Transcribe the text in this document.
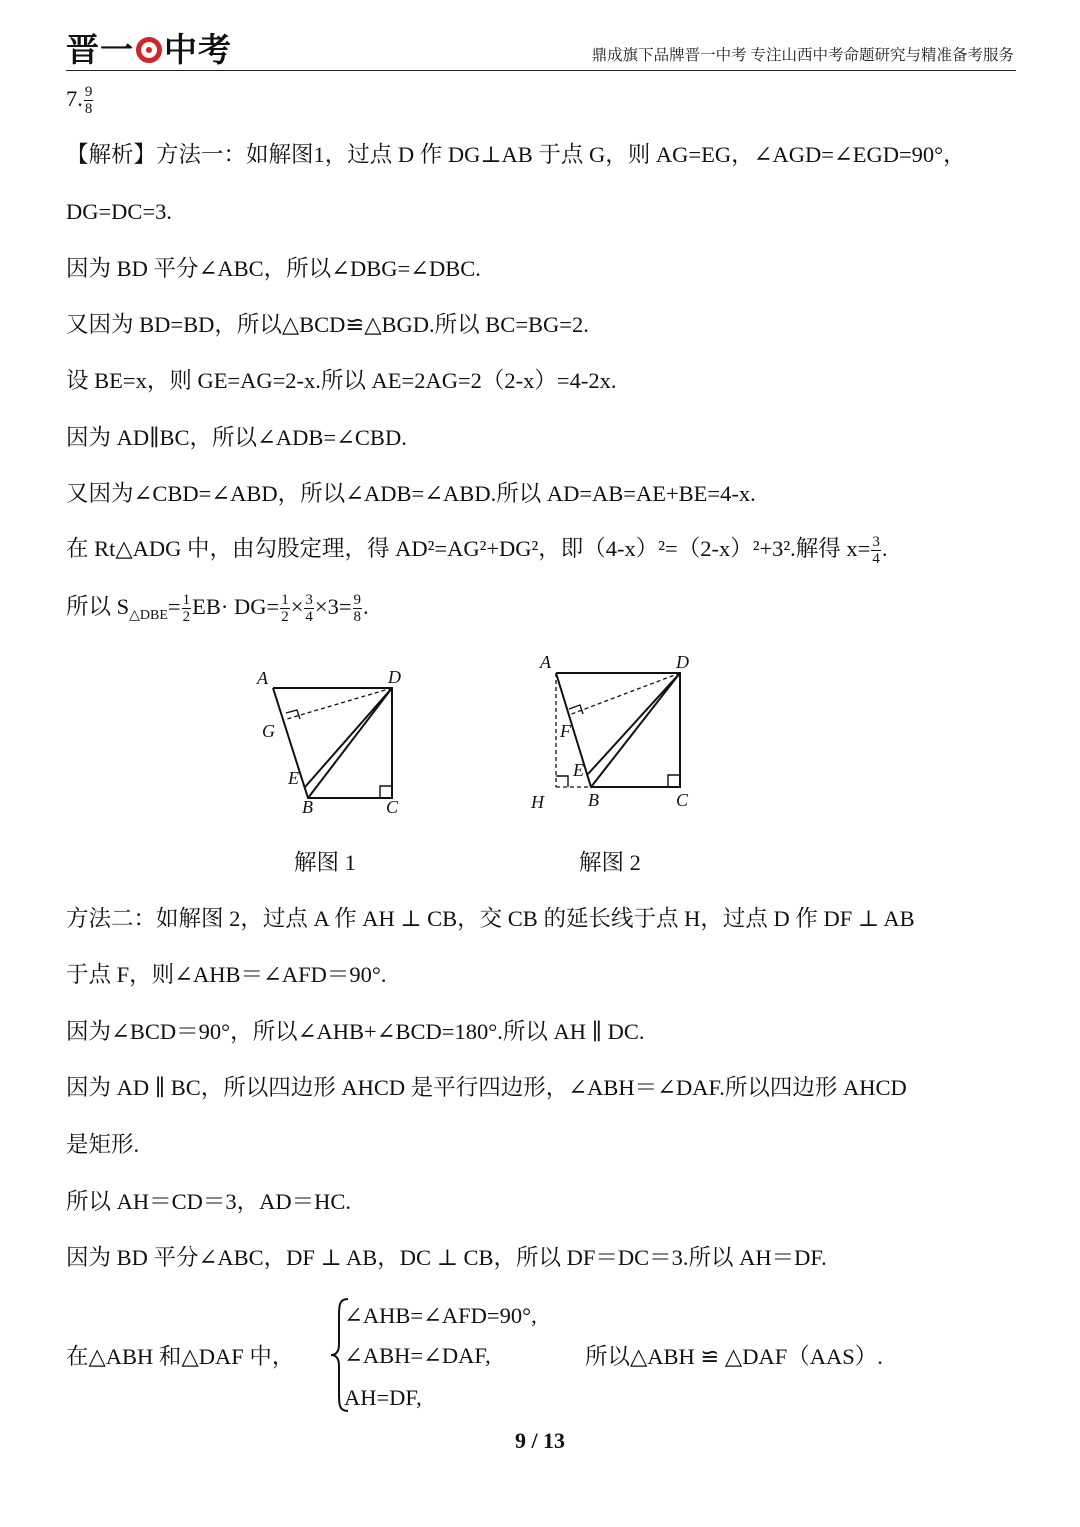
晋一 中考	鼎成旗下品牌晋一中考 专注山西中考命题研究与精准备考服务
7. $\frac{9}{8}$
【解析】方法一：如解图1，过点 D 作 DG⊥AB 于点 G，则 AG=EG，∠AGD=∠EGD=90°，
DG=DC=3.
因为 BD 平分∠ABC，所以∠DBG=∠DBC.
又因为 BD=BD，所以△BCD≌△BGD.所以 BC=BG=2.
设 BE=x，则 GE=AG=2-x.所以 AE=2AG=2（2-x）=4-2x.
因为 AD∥BC，所以∠ADB=∠CBD.
又因为∠CBD=∠ABD，所以∠ADB=∠ABD.所以 AD=AB=AE+BE=4-x.
在 Rt△ADG 中，由勾股定理，得 AD²=AG²+DG²，即（4-x）²=（2-x）²+3².解得 $x= \frac{3}{4}$ .
所以 $S_{\triangle DBE}= \frac{1}{2} EB\cdot DG= \frac{1}{2} \times \frac{3}{4} \times 3= \frac{9}{8}$ .
A	D
G
E
B	C
解图 1
A	D
F
E
B	C
H
解图 2
方法二：如解图 2，过点 A 作 AH ⊥ CB，交 CB 的延长线于点 H，过点 D 作 DF ⊥ AB
于点 F，则∠AHB＝∠AFD＝90°.
因为∠BCD＝90°，所以∠AHB+∠BCD=180°.所以 AH ∥ DC.
因为 AD ∥ BC，所以四边形 AHCD 是平行四边形，∠ABH＝∠DAF.所以四边形 AHCD
是矩形.
所以 AH＝CD＝3，AD＝HC.
因为 BD 平分∠ABC，DF ⊥ AB，DC ⊥ CB，所以 DF＝DC＝3.所以 AH＝DF.
在△ABH 和△DAF 中，
∠AHB=∠AFD=90°,
∠ABH=∠DAF,
AH=DF,
所以△ABH ≌ △DAF（AAS）.
9 / 13
